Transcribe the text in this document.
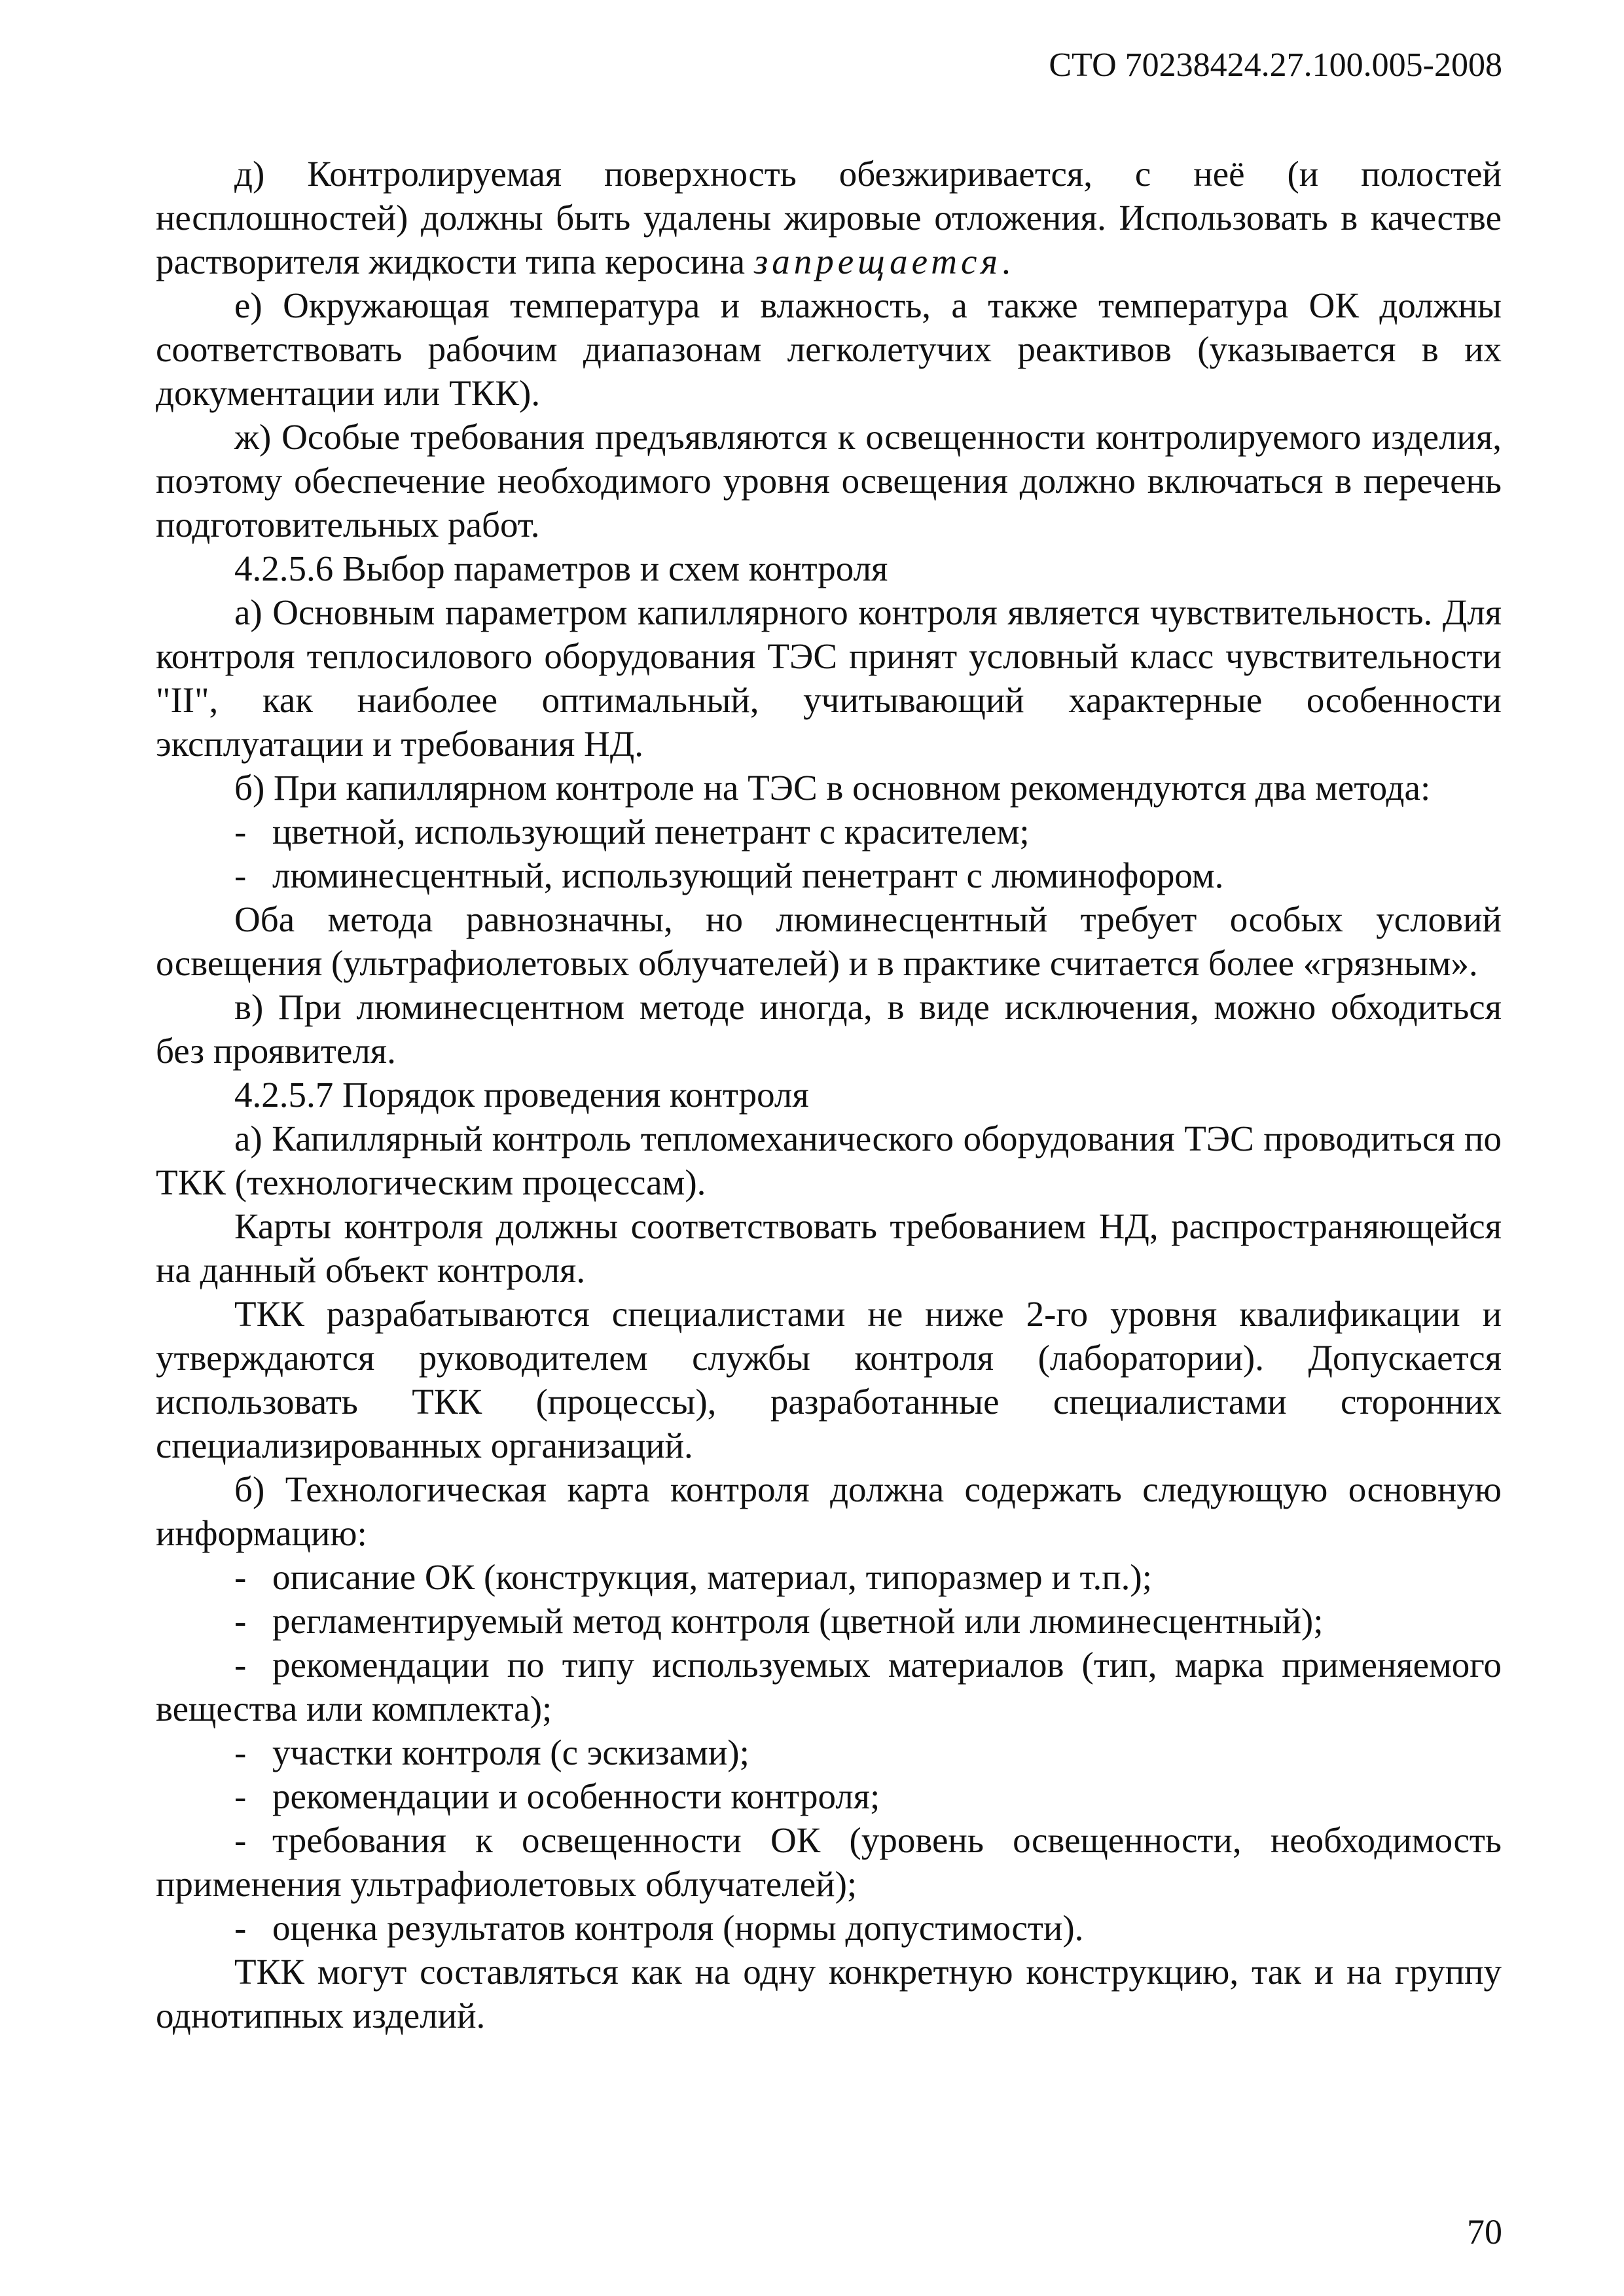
СТО 70238424.27.100.005-2008

д) Контролируемая поверхность обезжиривается, с неё (и полостей несплошностей) должны быть удалены жировые отложения. Использовать в качестве растворителя жидкости типа керосина запрещается.

е) Окружающая температура и влажность, а также температура ОК должны соответствовать рабочим диапазонам легколетучих реактивов (указывается в их документации или ТКК).

ж) Особые требования предъявляются к освещенности контролируемого изделия, поэтому обеспечение необходимого уровня освещения должно включаться в перечень подготовительных работ.

4.2.5.6 Выбор параметров и схем контроля

а) Основным параметром капиллярного контроля является чувствительность. Для контроля теплосилового оборудования ТЭС принят условный класс чувствительности "II", как наиболее оптимальный, учитывающий характерные особенности эксплуатации и требования НД.

б) При капиллярном контроле на ТЭС в основном рекомендуются два метода:

- цветной, использующий пенетрант с красителем;

- люминесцентный, использующий пенетрант с люминофором.

Оба метода равнозначны, но люминесцентный требует особых условий освещения (ультрафиолетовых облучателей) и в практике считается более «грязным».

в) При люминесцентном методе иногда, в виде исключения, можно обходиться без проявителя.

4.2.5.7 Порядок проведения контроля

а) Капиллярный контроль тепломеханического оборудования ТЭС проводиться по ТКК (технологическим процессам).

Карты контроля должны соответствовать требованием НД, распространяющейся на данный объект контроля.

ТКК разрабатываются специалистами не ниже 2-го уровня квалификации и утверждаются руководителем службы контроля (лаборатории). Допускается использовать ТКК (процессы), разработанные специалистами сторонних специализированных организаций.

б) Технологическая карта контроля должна содержать следующую основную информацию:

- описание ОК (конструкция, материал, типоразмер и т.п.);

- регламентируемый метод контроля (цветной или люминесцентный);

- рекомендации по типу используемых материалов (тип, марка применяемого вещества или комплекта);

- участки контроля (с эскизами);

- рекомендации и особенности контроля;

- требования к освещенности ОК (уровень освещенности, необходимость применения ультрафиолетовых облучателей);

- оценка результатов контроля (нормы допустимости).

ТКК могут составляться как на одну конкретную конструкцию, так и на группу однотипных изделий.

70
